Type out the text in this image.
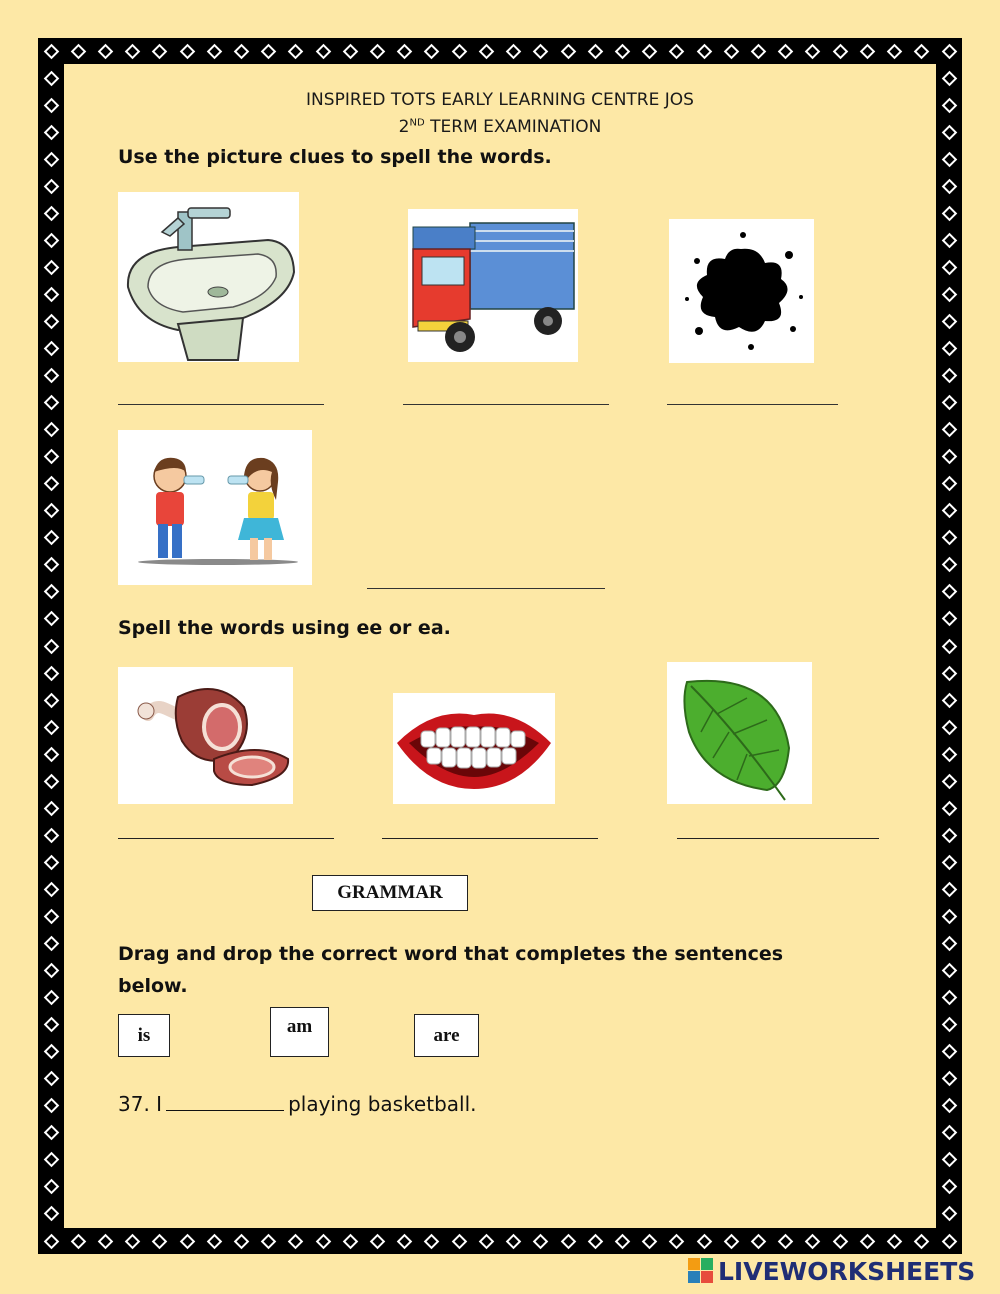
INSPIRED TOTS EARLY LEARNING CENTRE JOS
2ND TERM EXAMINATION
Use the picture clues to spell the words.
Spell the words using ee or ea.
GRAMMAR
Drag and drop the correct word that completes the sentences
below.
is	am	are
37. I	playing basketball.
LIVEWORKSHEETS
